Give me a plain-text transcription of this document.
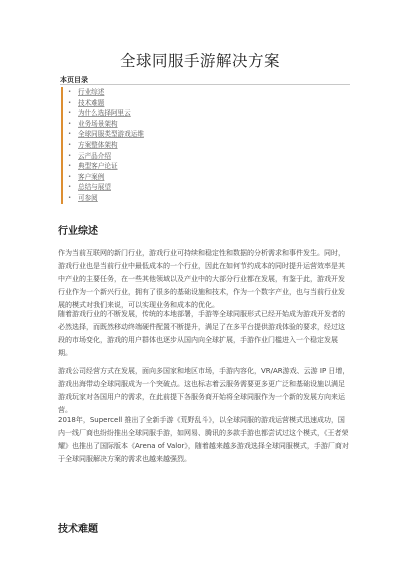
全球同服手游解决方案
本页目录
• 行业综述
• 技术难题
• 为什么选择阿里云
• 业务场景架构
• 全球同服类型游戏运维
• 方案整体架构
• 云产品介绍
• 典型客户论证
• 客户案例
• 总结与展望
• 可参阅
行业综述

作为当前互联网的新门行业，游戏行业可持续和稳定性和数据的分析需求和事件发生。同时，游戏行业也是当前行业中最低成本的一个行业，因此在如何节约成本的同时提升运营效率是其中产业的主要任务，在一些其他领域以及产业中的大部分行业都在发展，有鉴于此，游戏开发行业作为一个新兴行业，拥有了很多的基础设施和技术，作为一个数字产业，也与当前行业发展的模式对我们来说，可以实现业务和成本的优化。

随着游戏行业的不断发展，传统的本地部署，手游等全球同服形式已经开始成为游戏开发者的必然选择，而既然移动终端硬件配置不断提升，满足了在多平台提供游戏体验的要求，经过这段的市场变化，游戏的用户群体也逐步从国内向全球扩展，手游作业门槛进入一个稳定发展期。

游戏公司经营方式在发展，面向多国家和地区市场，手游内容化，VR/AR游戏、云游 IP 日增，游戏出海带动全球同服成为一个突破点。这也标志着云服务需要更多更广泛和基础设施以满足游戏玩家对各国用户的需求，在此前提下各服务商开始将全球同服作为一个新的发展方向来运营。

2018年，Supercell 推出了全新手游《荒野乱斗》，以全球同服的游戏运营模式迅速成功，国内一线厂商也纷纷推出全球同服手游，如网易、腾讯的多款手游也都尝试过这个模式，《王者荣耀》也推出了国际版本《Arena of Valor》，随着越来越多游戏选择全球同服模式，手游厂商对于全球同服解决方案的需求也越来越强烈。

技术难题
